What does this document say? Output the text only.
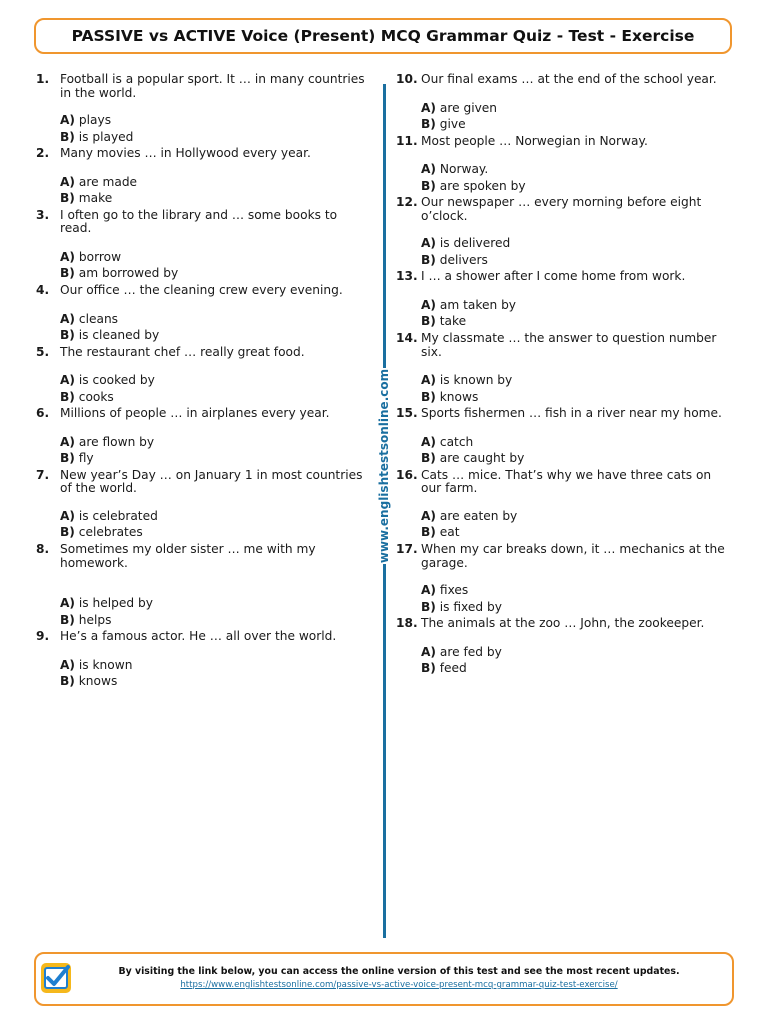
PASSIVE vs ACTIVE Voice (Present) MCQ Grammar Quiz - Test - Exercise
1. Football is a popular sport. It … in many countries in the world.
A) plays
B) is played
2. Many movies … in Hollywood every year.
A) are made
B) make
3. I often go to the library and … some books to read.
A) borrow
B) am borrowed by
4. Our office … the cleaning crew every evening.
A) cleans
B) is cleaned by
5. The restaurant chef … really great food.
A) is cooked by
B) cooks
6. Millions of people … in airplanes every year.
A) are flown by
B) fly
7. New year’s Day … on January 1 in most countries of the world.
A) is celebrated
B) celebrates
8. Sometimes my older sister … me with my homework.
A) is helped by
B) helps
9. He’s a famous actor. He … all over the world.
A) is known
B) knows
www.englishtestsonline.com
10. Our final exams … at the end of the school year.
A) are given
B) give
11. Most people … Norwegian in Norway.
A) Norway.
B) are spoken by
12. Our newspaper … every morning before eight o’clock.
A) is delivered
B) delivers
13. I … a shower after I come home from work.
A) am taken by
B) take
14. My classmate … the answer to question number six.
A) is known by
B) knows
15. Sports fishermen … fish in a river near my home.
A) catch
B) are caught by
16. Cats … mice. That’s why we have three cats on our farm.
A) are eaten by
B) eat
17. When my car breaks down, it … mechanics at the garage.
A) fixes
B) is fixed by
18. The animals at the zoo … John, the zookeeper.
A) are fed by
B) feed
By visiting the link below, you can access the online version of this test and see the most recent updates.
https://www.englishtestsonline.com/passive-vs-active-voice-present-mcq-grammar-quiz-test-exercise/
